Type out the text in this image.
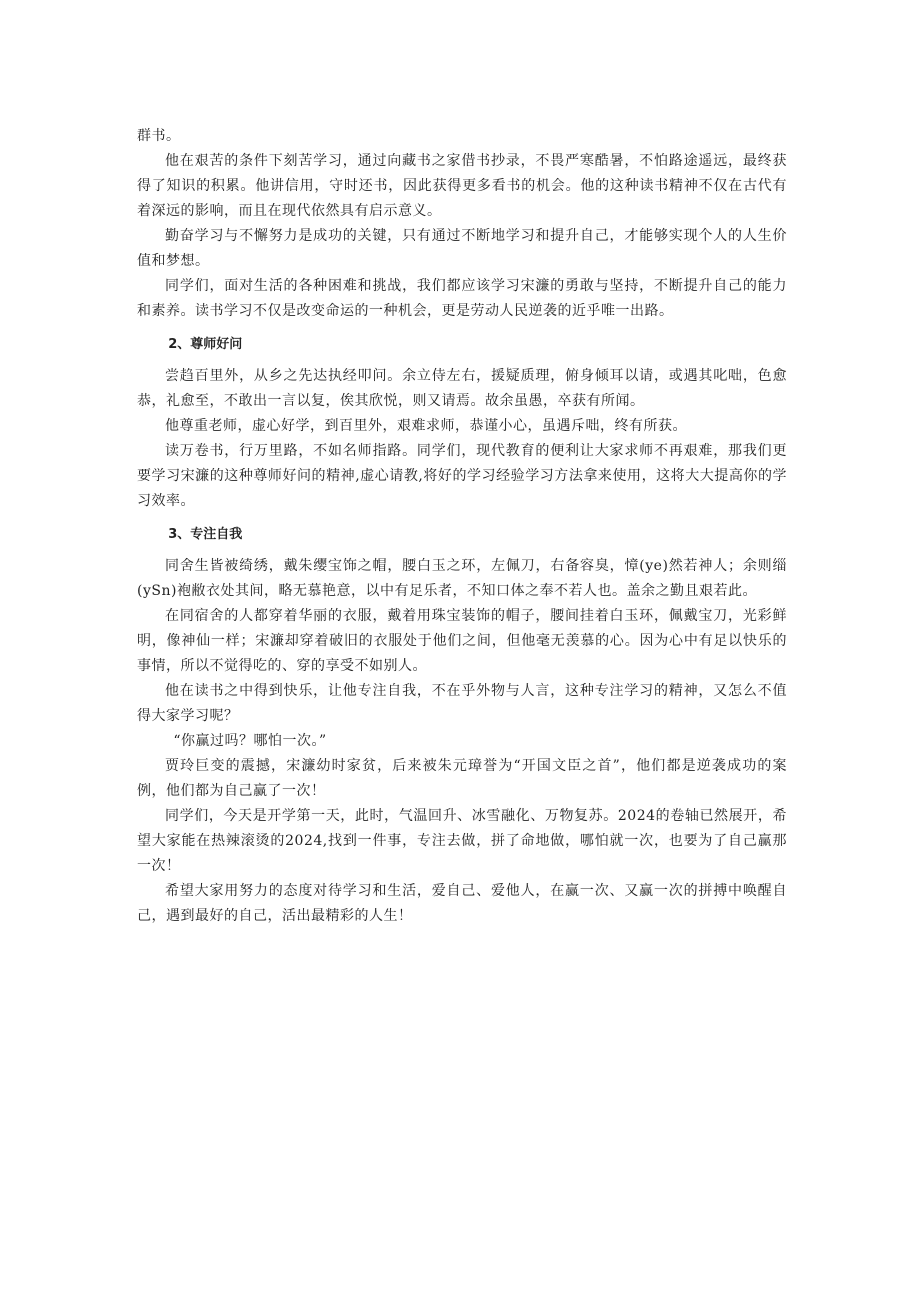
群书。

他在艰苦的条件下刻苦学习，通过向藏书之家借书抄录，不畏严寒酷暑，不怕路途遥远，最终获得了知识的积累。他讲信用，守时还书，因此获得更多看书的机会。他的这种读书精神不仅在古代有着深远的影响，而且在现代依然具有启示意义。

勤奋学习与不懈努力是成功的关键，只有通过不断地学习和提升自己，才能够实现个人的人生价值和梦想。

同学们，面对生活的各种困难和挑战，我们都应该学习宋濂的勇敢与坚持，不断提升自己的能力和素养。读书学习不仅是改变命运的一种机会，更是劳动人民逆袭的近乎唯一出路。

2、尊师好问

尝趋百里外，从乡之先达执经叩问。余立侍左右，援疑质理，俯身倾耳以请，或遇其叱咄，色愈恭，礼愈至，不敢出一言以复，俟其欣悦，则又请焉。故余虽愚，卒获有所闻。

他尊重老师，虚心好学，到百里外，艰难求师，恭谨小心，虽遇斥咄，终有所获。

读万卷书，行万里路，不如名师指路。同学们，现代教育的便利让大家求师不再艰难，那我们更要学习宋濂的这种尊师好问的精神,虚心请教,将好的学习经验学习方法拿来使用，这将大大提高你的学习效率。

3、专注自我

同舍生皆被绮绣，戴朱缨宝饰之帽，腰白玉之环，左佩刀，右备容臭，慞(ye)然若神人；余则缁(ySn)袍敝衣处其间，略无慕艳意，以中有足乐者，不知口体之奉不若人也。盖余之勤且艰若此。

在同宿舍的人都穿着华丽的衣服，戴着用珠宝装饰的帽子，腰间挂着白玉环，佩戴宝刀，光彩鲜明，像神仙一样；宋濂却穿着破旧的衣服处于他们之间，但他毫无羡慕的心。因为心中有足以快乐的事情，所以不觉得吃的、穿的享受不如别人。

他在读书之中得到快乐，让他专注自我，不在乎外物与人言，这种专注学习的精神，又怎么不值得大家学习呢？

“你赢过吗？哪怕一次。”

贾玲巨变的震撼，宋濂幼时家贫，后来被朱元璋誉为“开国文臣之首”，他们都是逆袭成功的案例，他们都为自己赢了一次！

同学们，今天是开学第一天，此时，气温回升、冰雪融化、万物复苏。2024的卷轴已然展开，希望大家能在热辣滚烫的2024,找到一件事，专注去做，拼了命地做，哪怕就一次，也要为了自己赢那一次！

希望大家用努力的态度对待学习和生活，爱自己、爱他人，在赢一次、又赢一次的拼搏中唤醒自己，遇到最好的自己，活出最精彩的人生！
